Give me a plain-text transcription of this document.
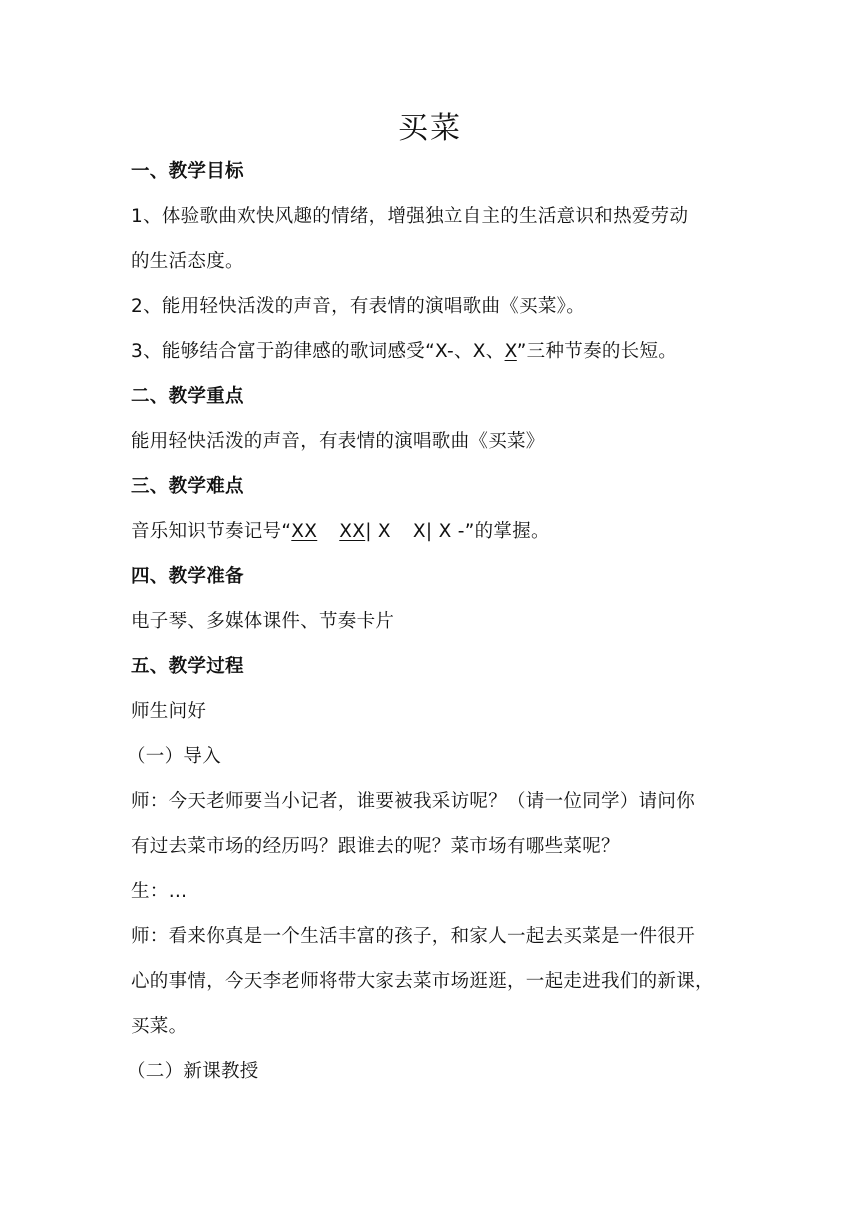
买菜
一、教学目标
1、体验歌曲欢快风趣的情绪，增强独立自主的生活意识和热爱劳动
的生活态度。
2、能用轻快活泼的声音，有表情的演唱歌曲《买菜》。
3、能够结合富于韵律感的歌词感受“X-、X、X”三种节奏的长短。
二、教学重点
能用轻快活泼的声音，有表情的演唱歌曲《买菜》
三、教学难点
音乐知识节奏记号“XX XX| X X| X -”的掌握。
四、教学准备
电子琴、多媒体课件、节奏卡片
五、教学过程
师生问好
（一）导入
师：今天老师要当小记者，谁要被我采访呢？（请一位同学）请问你
有过去菜市场的经历吗？跟谁去的呢？菜市场有哪些菜呢？
生：…
师：看来你真是一个生活丰富的孩子，和家人一起去买菜是一件很开
心的事情，今天李老师将带大家去菜市场逛逛，一起走进我们的新课，
买菜。
（二）新课教授
